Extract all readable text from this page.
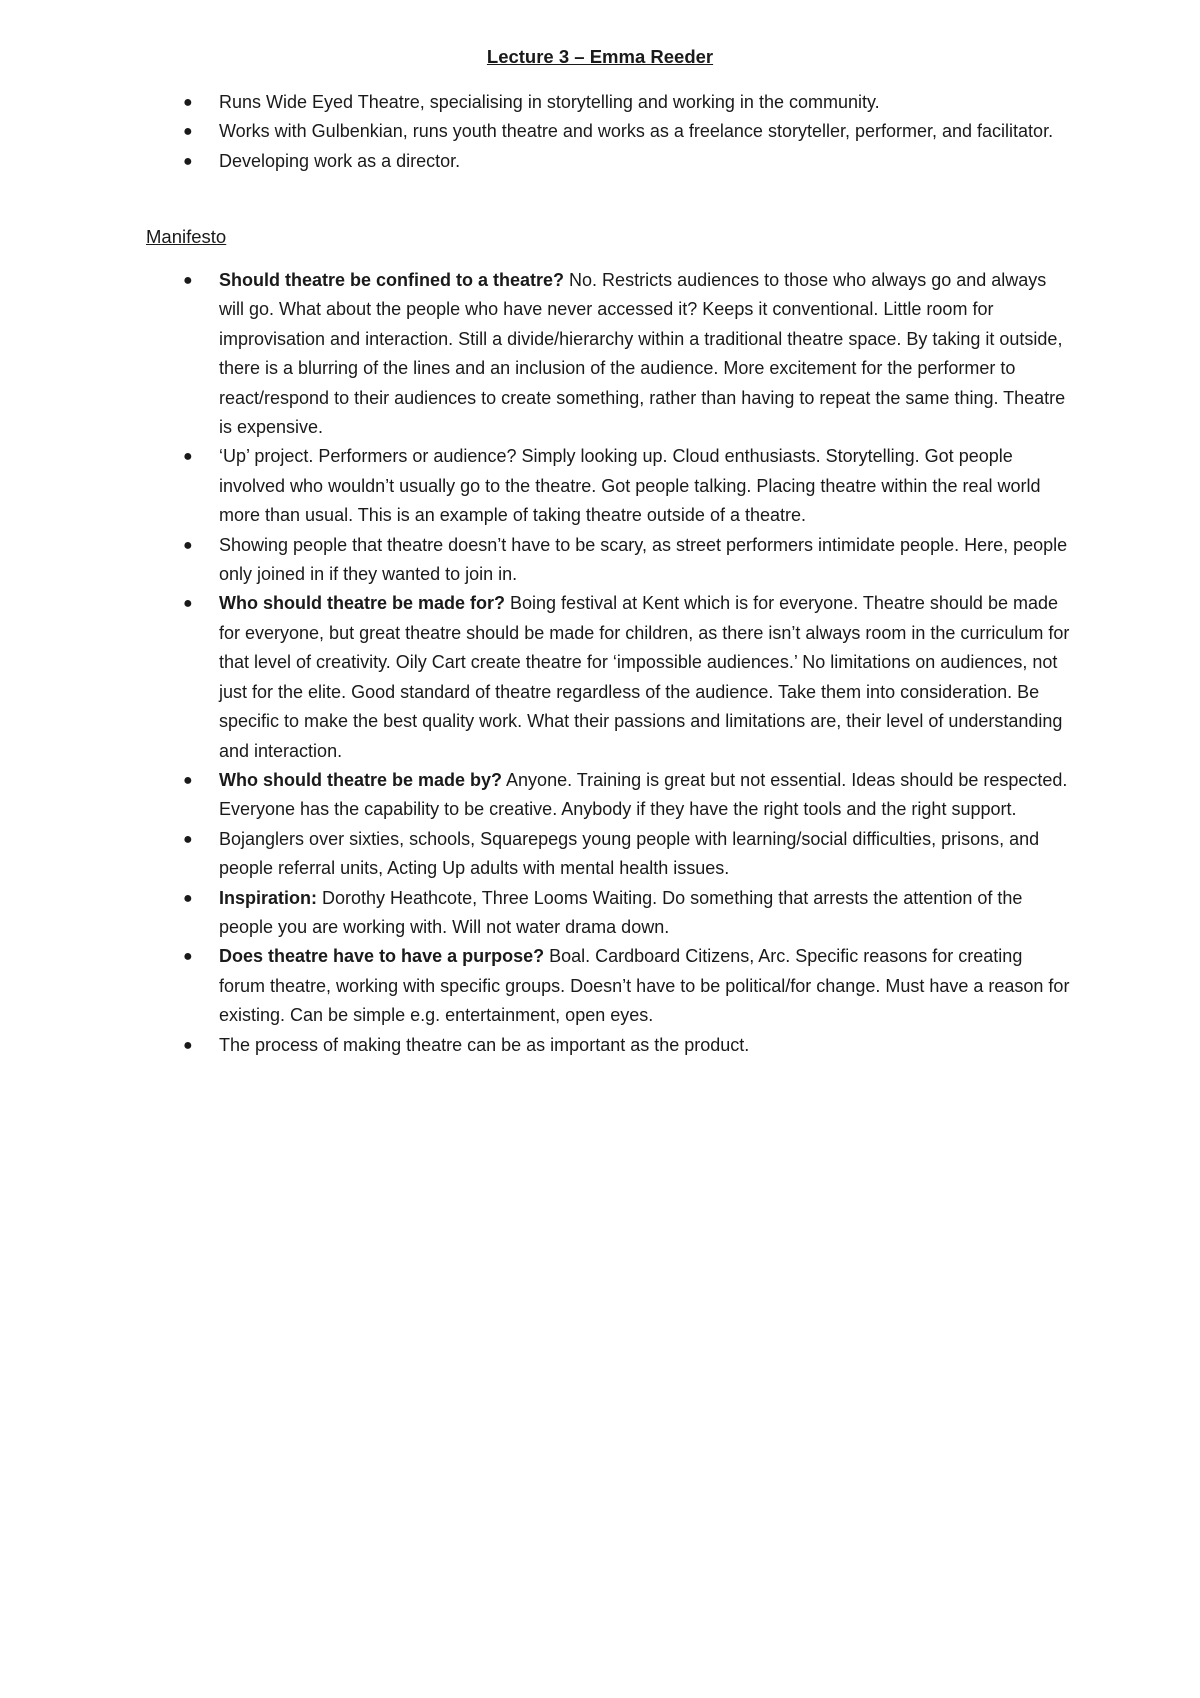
Lecture 3 – Emma Reeder
● Runs Wide Eyed Theatre, specialising in storytelling and working in the community.
● Works with Gulbenkian, runs youth theatre and works as a freelance storyteller, performer, and facilitator.
● Developing work as a director.
Manifesto
● Should theatre be confined to a theatre? No. Restricts audiences to those who always go and always will go. What about the people who have never accessed it? Keeps it conventional. Little room for improvisation and interaction. Still a divide/hierarchy within a traditional theatre space. By taking it outside, there is a blurring of the lines and an inclusion of the audience. More excitement for the performer to react/respond to their audiences to create something, rather than having to repeat the same thing. Theatre is expensive.
● ‘Up’ project. Performers or audience? Simply looking up. Cloud enthusiasts. Storytelling. Got people involved who wouldn’t usually go to the theatre. Got people talking. Placing theatre within the real world more than usual. This is an example of taking theatre outside of a theatre.
● Showing people that theatre doesn’t have to be scary, as street performers intimidate people. Here, people only joined in if they wanted to join in.
● Who should theatre be made for? Boing festival at Kent which is for everyone. Theatre should be made for everyone, but great theatre should be made for children, as there isn’t always room in the curriculum for that level of creativity. Oily Cart create theatre for ‘impossible audiences.’ No limitations on audiences, not just for the elite. Good standard of theatre regardless of the audience. Take them into consideration. Be specific to make the best quality work. What their passions and limitations are, their level of understanding and interaction.
● Who should theatre be made by? Anyone. Training is great but not essential. Ideas should be respected. Everyone has the capability to be creative. Anybody if they have the right tools and the right support.
● Bojanglers over sixties, schools, Squarepegs young people with learning/social difficulties, prisons, and people referral units, Acting Up adults with mental health issues.
● Inspiration: Dorothy Heathcote, Three Looms Waiting. Do something that arrests the attention of the people you are working with. Will not water drama down.
● Does theatre have to have a purpose? Boal. Cardboard Citizens, Arc. Specific reasons for creating forum theatre, working with specific groups. Doesn’t have to be political/for change. Must have a reason for existing. Can be simple e.g. entertainment, open eyes.
● The process of making theatre can be as important as the product.
